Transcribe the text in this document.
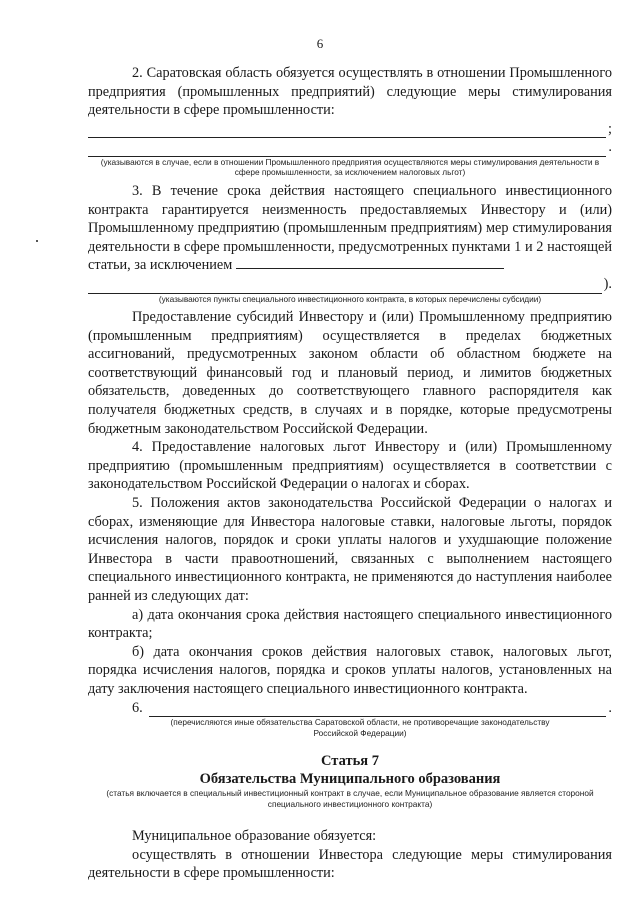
6

2. Саратовская область обязуется осуществлять в отношении Промышленного предприятия (промышленных предприятий) следующие меры стимулирования деятельности в сфере промышленности:

;
.
(указываются в случае, если в отношении Промышленного предприятия осуществляются меры стимулирования деятельности в сфере промышленности, за исключением налоговых льгот)

3. В течение срока действия настоящего специального инвестиционного контракта гарантируется неизменность предоставляемых Инвестору и (или) Промышленному предприятию (промышленным предприятиям) мер стимулирования деятельности в сфере промышленности, предусмотренных пунктами 1 и 2 настоящей статьи, за исключением

).
(указываются пункты специального инвестиционного контракта, в которых перечислены субсидии)

Предоставление субсидий Инвестору и (или) Промышленному предприятию (промышленным предприятиям) осуществляется в пределах бюджетных ассигнований, предусмотренных законом области об областном бюджете на соответствующий финансовый год и плановый период, и лимитов бюджетных обязательств, доведенных до соответствующего главного распорядителя как получателя бюджетных средств, в случаях и в порядке, которые предусмотрены бюджетным законодательством Российской Федерации.

4. Предоставление налоговых льгот Инвестору и (или) Промышленному предприятию (промышленным предприятиям) осуществляется в соответствии с законодательством Российской Федерации о налогах и сборах.

5. Положения актов законодательства Российской Федерации о налогах и сборах, изменяющие для Инвестора налоговые ставки, налоговые льготы, порядок исчисления налогов, порядок и сроки уплаты налогов и ухудшающие положение Инвестора в части правоотношений, связанных с выполнением настоящего специального инвестиционного контракта, не применяются до наступления наиболее ранней из следующих дат:

а) дата окончания срока действия настоящего специального инвестиционного контракта;

б) дата окончания сроков действия налоговых ставок, налоговых льгот, порядка исчисления налогов, порядка и сроков уплаты налогов, установленных на дату заключения настоящего специального инвестиционного контракта.

6.	.
(перечисляются иные обязательства Саратовской области, не противоречащие законодательству Российской Федерации)
Статья 7
Обязательства Муниципального образования
(статья включается в специальный инвестиционный контракт в случае, если Муниципальное образование является стороной специального инвестиционного контракта)

Муниципальное образование обязуется:

осуществлять в отношении Инвестора следующие меры стимулирования деятельности в сфере промышленности:
